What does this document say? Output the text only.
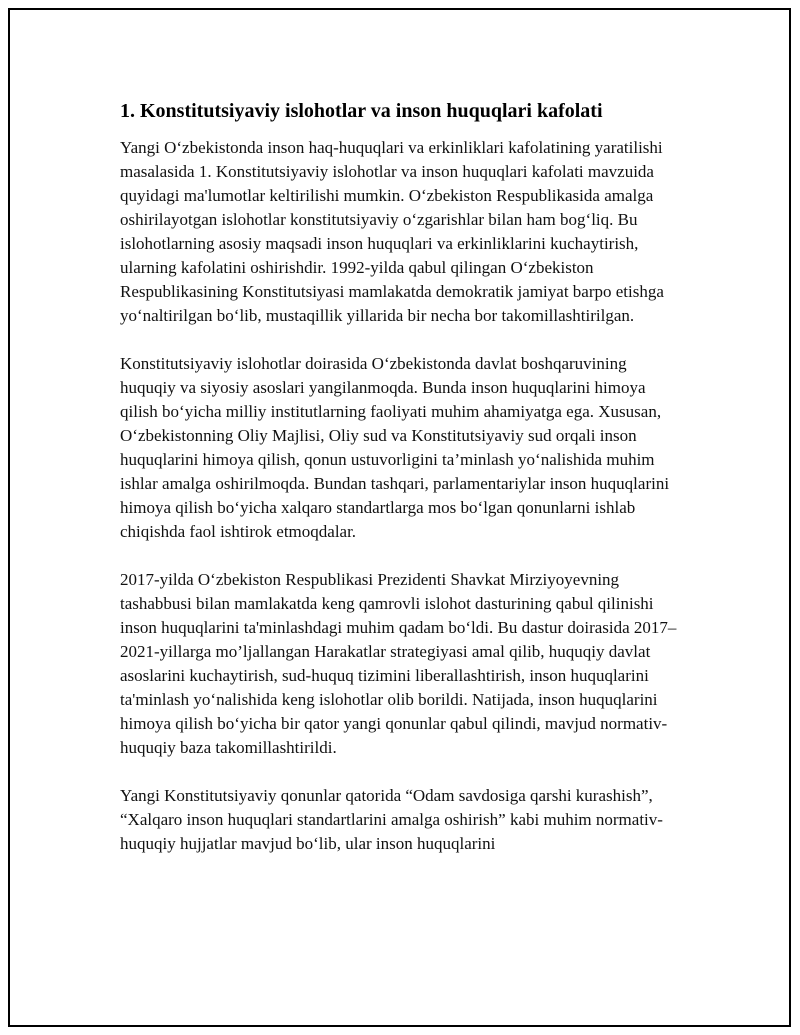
1. Konstitutsiyaviy islohotlar va inson huquqlari kafolati

Yangi O‘zbekistonda inson haq-huquqlari va erkinliklari kafolatining yaratilishi masalasida 1. Konstitutsiyaviy islohotlar va inson huquqlari kafolati mavzuida quyidagi ma'lumotlar keltirilishi mumkin. O‘zbekiston Respublikasida amalga oshirilayotgan islohotlar konstitutsiyaviy o‘zgarishlar bilan ham bog‘liq. Bu islohotlarning asosiy maqsadi inson huquqlari va erkinliklarini kuchaytirish, ularning kafolatini oshirishdir. 1992-yilda qabul qilingan O‘zbekiston Respublikasining Konstitutsiyasi mamlakatda demokratik jamiyat barpo etishga yo‘naltirilgan bo‘lib, mustaqillik yillarida bir necha bor takomillashtirilgan.

Konstitutsiyaviy islohotlar doirasida O‘zbekistonda davlat boshqaruvining huquqiy va siyosiy asoslari yangilanmoqda. Bunda inson huquqlarini himoya qilish bo‘yicha milliy institutlarning faoliyati muhim ahamiyatga ega. Xususan, O‘zbekistonning Oliy Majlisi, Oliy sud va Konstitutsiyaviy sud orqali inson huquqlarini himoya qilish, qonun ustuvorligini ta’minlash yo‘nalishida muhim ishlar amalga oshirilmoqda. Bundan tashqari, parlamentariylar inson huquqlarini himoya qilish bo‘yicha xalqaro standartlarga mos bo‘lgan qonunlarni ishlab chiqishda faol ishtirok etmoqdalar.

2017-yilda O‘zbekiston Respublikasi Prezidenti Shavkat Mirziyoyevning tashabbusi bilan mamlakatda keng qamrovli islohot dasturining qabul qilinishi inson huquqlarini ta'minlashdagi muhim qadam bo‘ldi. Bu dastur doirasida 2017–2021-yillarga mo’ljallangan Harakatlar strategiyasi amal qilib, huquqiy davlat asoslarini kuchaytirish, sud-huquq tizimini liberallashtirish, inson huquqlarini ta'minlash yo‘nalishida keng islohotlar olib borildi. Natijada, inson huquqlarini himoya qilish bo‘yicha bir qator yangi qonunlar qabul qilindi, mavjud normativ-huquqiy baza takomillashtirildi.

Yangi Konstitutsiyaviy qonunlar qatorida “Odam savdosiga qarshi kurashish”, “Xalqaro inson huquqlari standartlarini amalga oshirish” kabi muhim normativ-huquqiy hujjatlar mavjud bo‘lib, ular inson huquqlarini
